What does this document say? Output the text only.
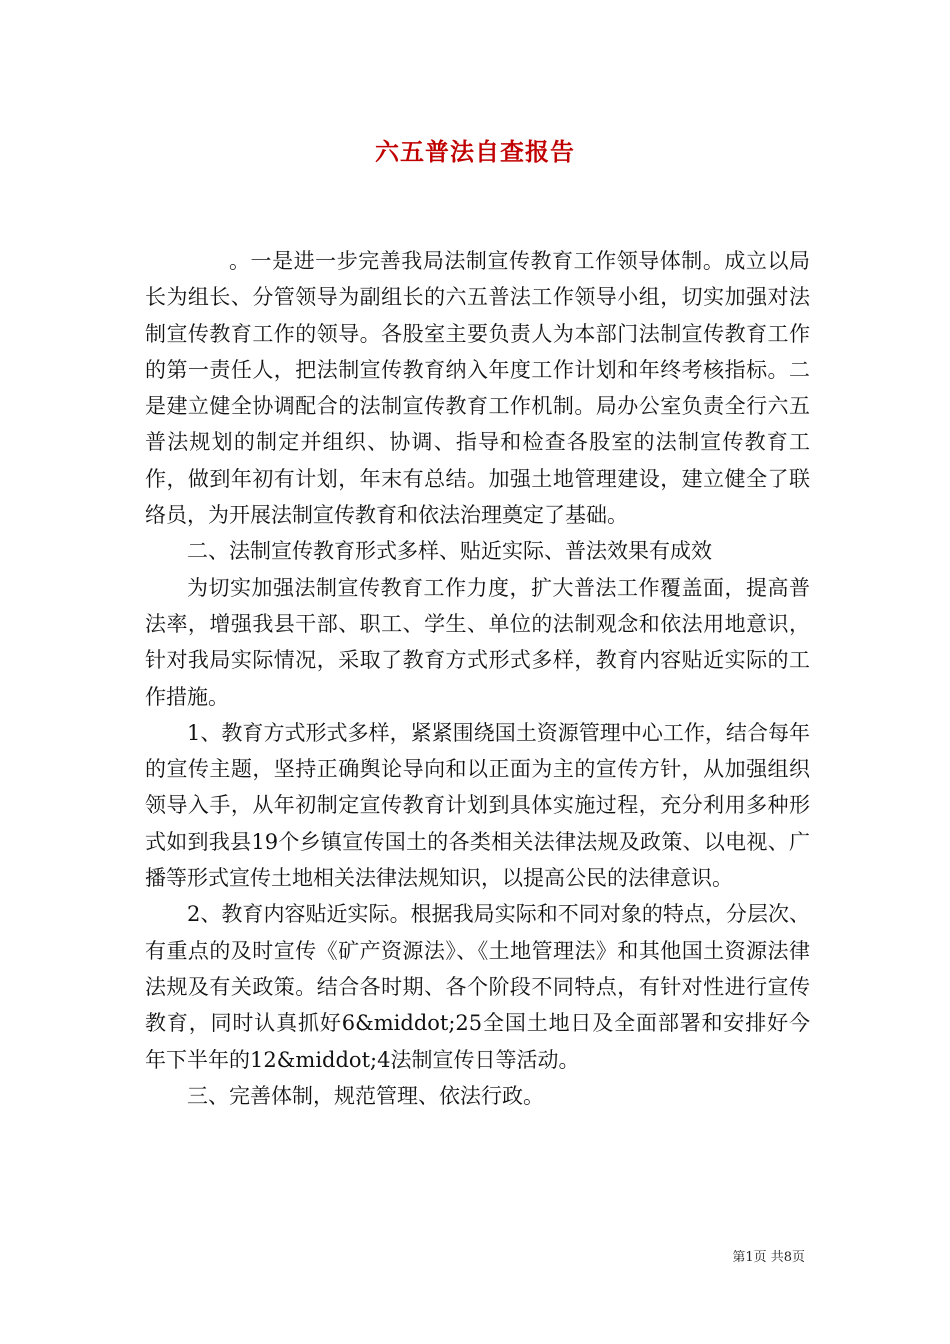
六五普法自查报告

。一是进一步完善我局法制宣传教育工作领导体制。成立以局长为组长、分管领导为副组长的六五普法工作领导小组，切实加强对法制宣传教育工作的领导。各股室主要负责人为本部门法制宣传教育工作的第一责任人，把法制宣传教育纳入年度工作计划和年终考核指标。二是建立健全协调配合的法制宣传教育工作机制。局办公室负责全行六五普法规划的制定并组织、协调、指导和检查各股室的法制宣传教育工作，做到年初有计划，年末有总结。加强土地管理建设，建立健全了联络员，为开展法制宣传教育和依法治理奠定了基础。

二、法制宣传教育形式多样、贴近实际、普法效果有成效

为切实加强法制宣传教育工作力度，扩大普法工作覆盖面，提高普法率，增强我县干部、职工、学生、单位的法制观念和依法用地意识，针对我局实际情况，采取了教育方式形式多样，教育内容贴近实际的工作措施。

1、教育方式形式多样，紧紧围绕国土资源管理中心工作，结合每年的宣传主题，坚持正确舆论导向和以正面为主的宣传方针，从加强组织领导入手，从年初制定宣传教育计划到具体实施过程，充分利用多种形式如到我县19个乡镇宣传国土的各类相关法律法规及政策、以电视、广播等形式宣传土地相关法律法规知识，以提高公民的法律意识。

2、教育内容贴近实际。根据我局实际和不同对象的特点，分层次、有重点的及时宣传《矿产资源法》、《土地管理法》和其他国土资源法律法规及有关政策。结合各时期、各个阶段不同特点，有针对性进行宣传教育，同时认真抓好6&middot;25全国土地日及全面部署和安排好今年下半年的12&middot;4法制宣传日等活动。

三、完善体制，规范管理、依法行政。

第1页 共8页
